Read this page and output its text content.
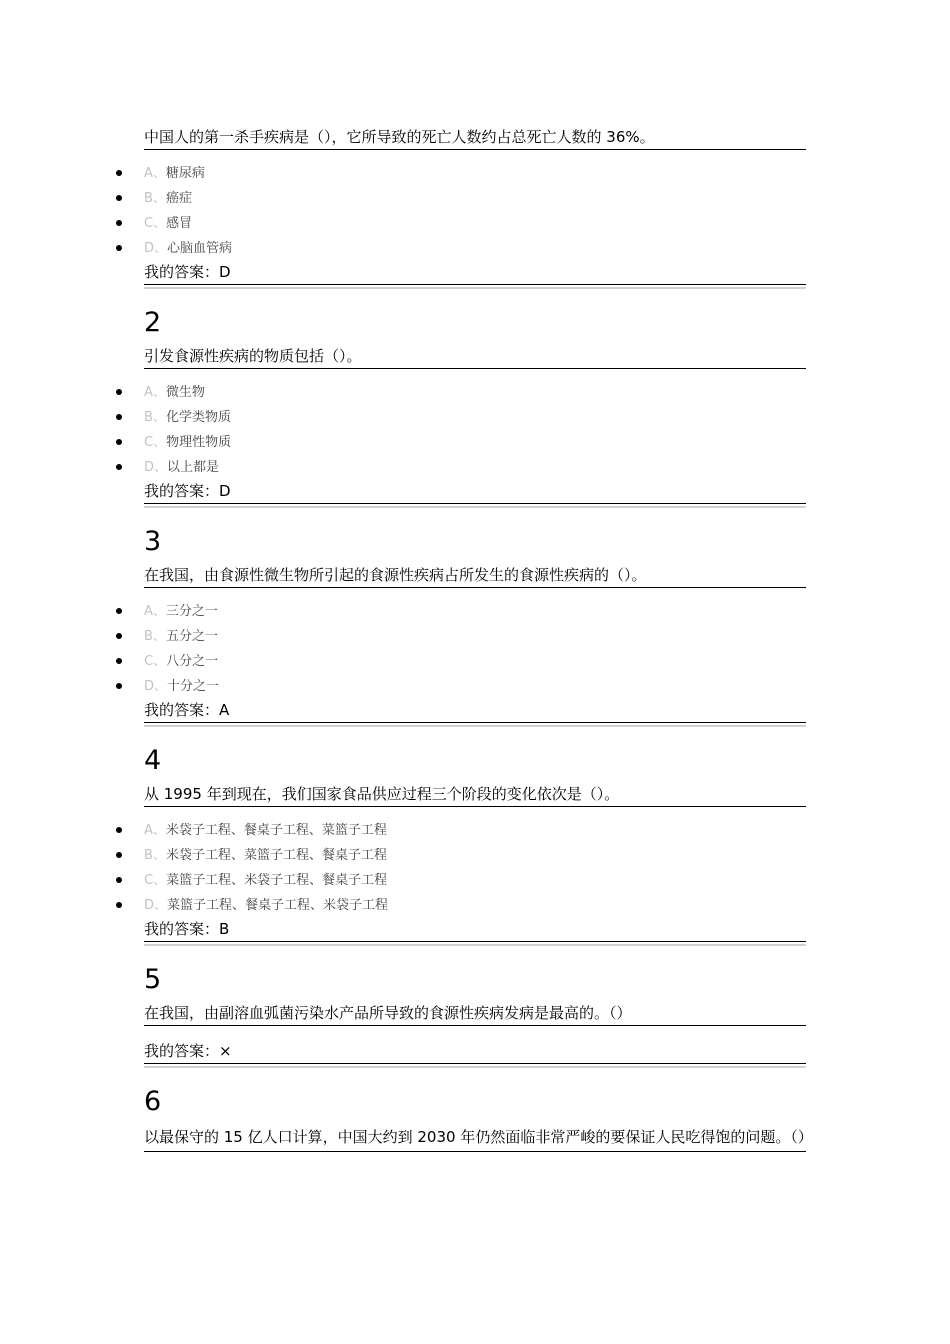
中国人的第一杀手疾病是（），它所导致的死亡人数约占总死亡人数的 36%。
A、糖尿病
B、癌症
C、感冒
D、心脑血管病
我的答案：D
2
引发食源性疾病的物质包括（）。
A、微生物
B、化学类物质
C、物理性物质
D、以上都是
我的答案：D
3
在我国，由食源性微生物所引起的食源性疾病占所发生的食源性疾病的（）。
A、三分之一
B、五分之一
C、八分之一
D、十分之一
我的答案：A
4
从 1995 年到现在，我们国家食品供应过程三个阶段的变化依次是（）。
A、米袋子工程、餐桌子工程、菜篮子工程
B、米袋子工程、菜篮子工程、餐桌子工程
C、菜篮子工程、米袋子工程、餐桌子工程
D、菜篮子工程、餐桌子工程、米袋子工程
我的答案：B
5
在我国，由副溶血弧菌污染水产品所导致的食源性疾病发病是最高的。（）
我的答案：×
6
以最保守的 15 亿人口计算，中国大约到 2030 年仍然面临非常严峻的要保证人民吃得饱的问题。（）
